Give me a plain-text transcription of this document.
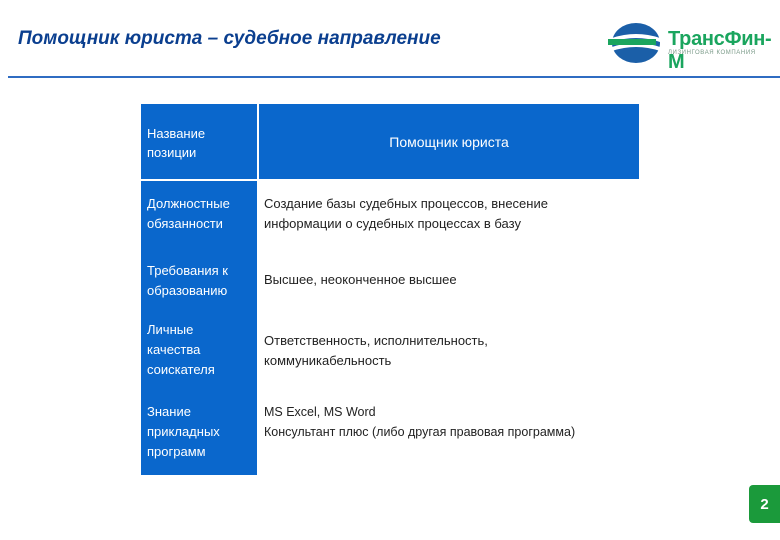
Помощник юриста – судебное направление	ТрансФин-М
ЛИЗИНГОВАЯ КОМПАНИЯ
Название позиции
Помощник юриста
Должностные
обязанности
Создание базы судебных процессов, внесение
информации о судебных процессах в базу
Требования к
образованию
Высшее, неоконченное высшее
Личные
качества
соискателя
Ответственность, исполнительность,
коммуникабельность
Знание
прикладных
программ
MS Excel, MS Word
Консультант плюс (либо другая правовая программа)
2
